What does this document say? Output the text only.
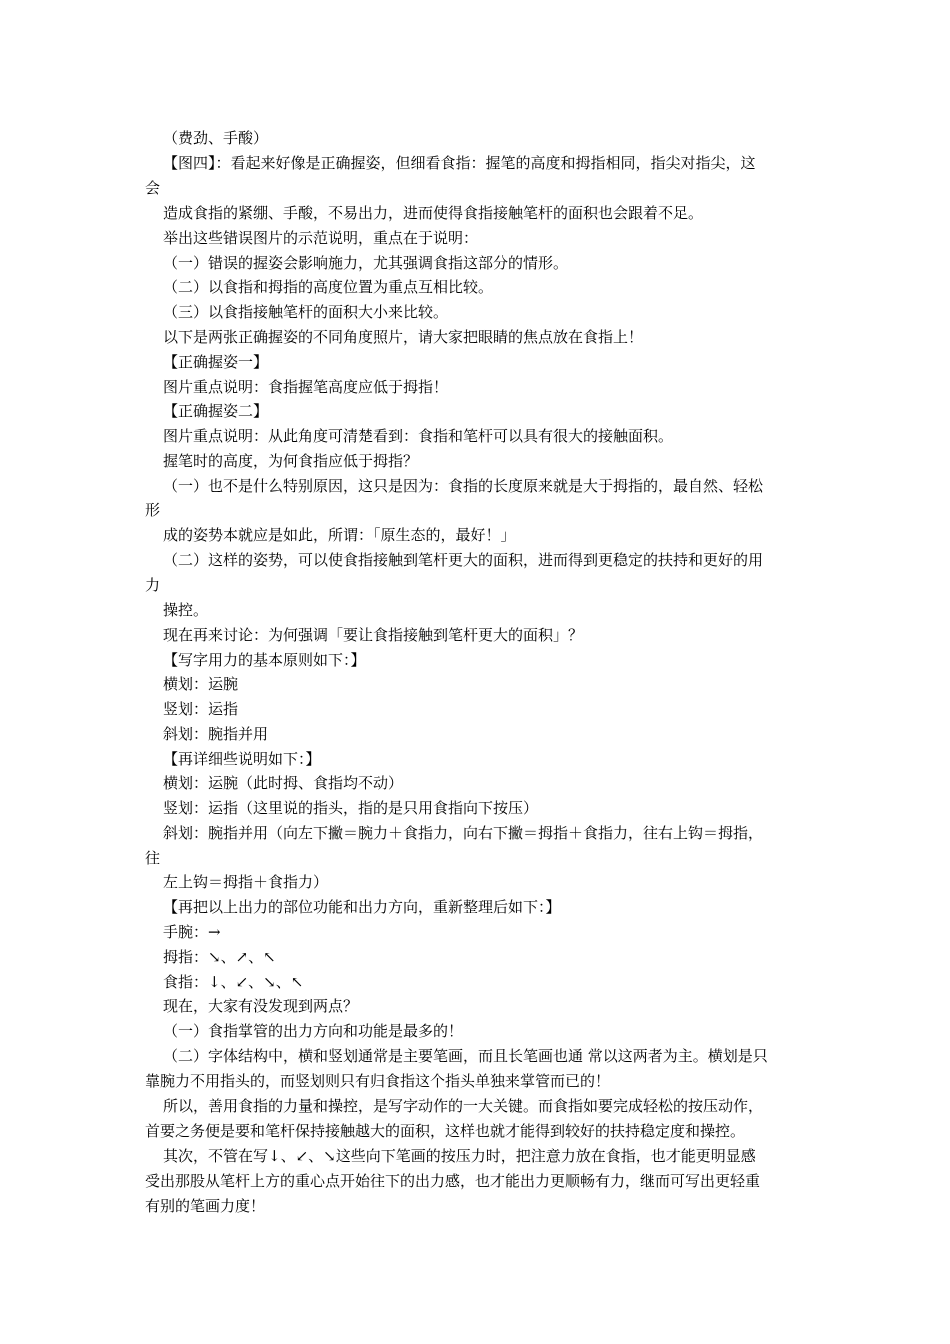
（费劲、手酸）
【图四】：看起来好像是正确握姿，但细看食指：握笔的高度和拇指相同，指尖对指尖，这
会
造成食指的紧绷、手酸，不易出力，进而使得食指接触笔杆的面积也会跟着不足。
举出这些错误图片的示范说明，重点在于说明：
（一）错误的握姿会影响施力，尤其强调食指这部分的情形。
（二）以食指和拇指的高度位置为重点互相比较。
（三）以食指接触笔杆的面积大小来比较。
以下是两张正确握姿的不同角度照片，请大家把眼睛的焦点放在食指上！
【正确握姿一】
图片重点说明：食指握笔高度应低于拇指！
【正确握姿二】
图片重点说明：从此角度可清楚看到：食指和笔杆可以具有很大的接触面积。
握笔时的高度，为何食指应低于拇指？
（一）也不是什么特别原因，这只是因为：食指的长度原来就是大于拇指的，最自然、轻松
形
成的姿势本就应是如此，所谓：「原生态的，最好！」
（二）这样的姿势，可以使食指接触到笔杆更大的面积，进而得到更稳定的扶持和更好的用
力
操控。
现在再来讨论：为何强调「要让食指接触到笔杆更大的面积」？
【写字用力的基本原则如下：】
横划：运腕
竖划：运指
斜划：腕指并用
【再详细些说明如下：】
横划：运腕（此时拇、食指均不动）
竖划：运指（这里说的指头，指的是只用食指向下按压）
斜划：腕指并用（向左下撇＝腕力＋食指力，向右下撇＝拇指＋食指力，往右上钩＝拇指，
往
左上钩＝拇指＋食指力）
【再把以上出力的部位功能和出力方向，重新整理后如下：】
手腕：→
拇指：↘、↗、↖
食指：↓、↙、↘、↖
现在，大家有没发现到两点？
（一）食指掌管的出力方向和功能是最多的！
（二）字体结构中，横和竖划通常是主要笔画，而且长笔画也通 常以这两者为主。横划是只
靠腕力不用指头的，而竖划则只有归食指这个指头单独来掌管而已的！
所以，善用食指的力量和操控，是写字动作的一大关键。而食指如要完成轻松的按压动作，
首要之务便是要和笔杆保持接触越大的面积，这样也就才能得到较好的扶持稳定度和操控。
其次，不管在写↓、↙、↘这些向下笔画的按压力时，把注意力放在食指，也才能更明显感
受出那股从笔杆上方的重心点开始往下的出力感，也才能出力更顺畅有力，继而可写出更轻重
有别的笔画力度！
